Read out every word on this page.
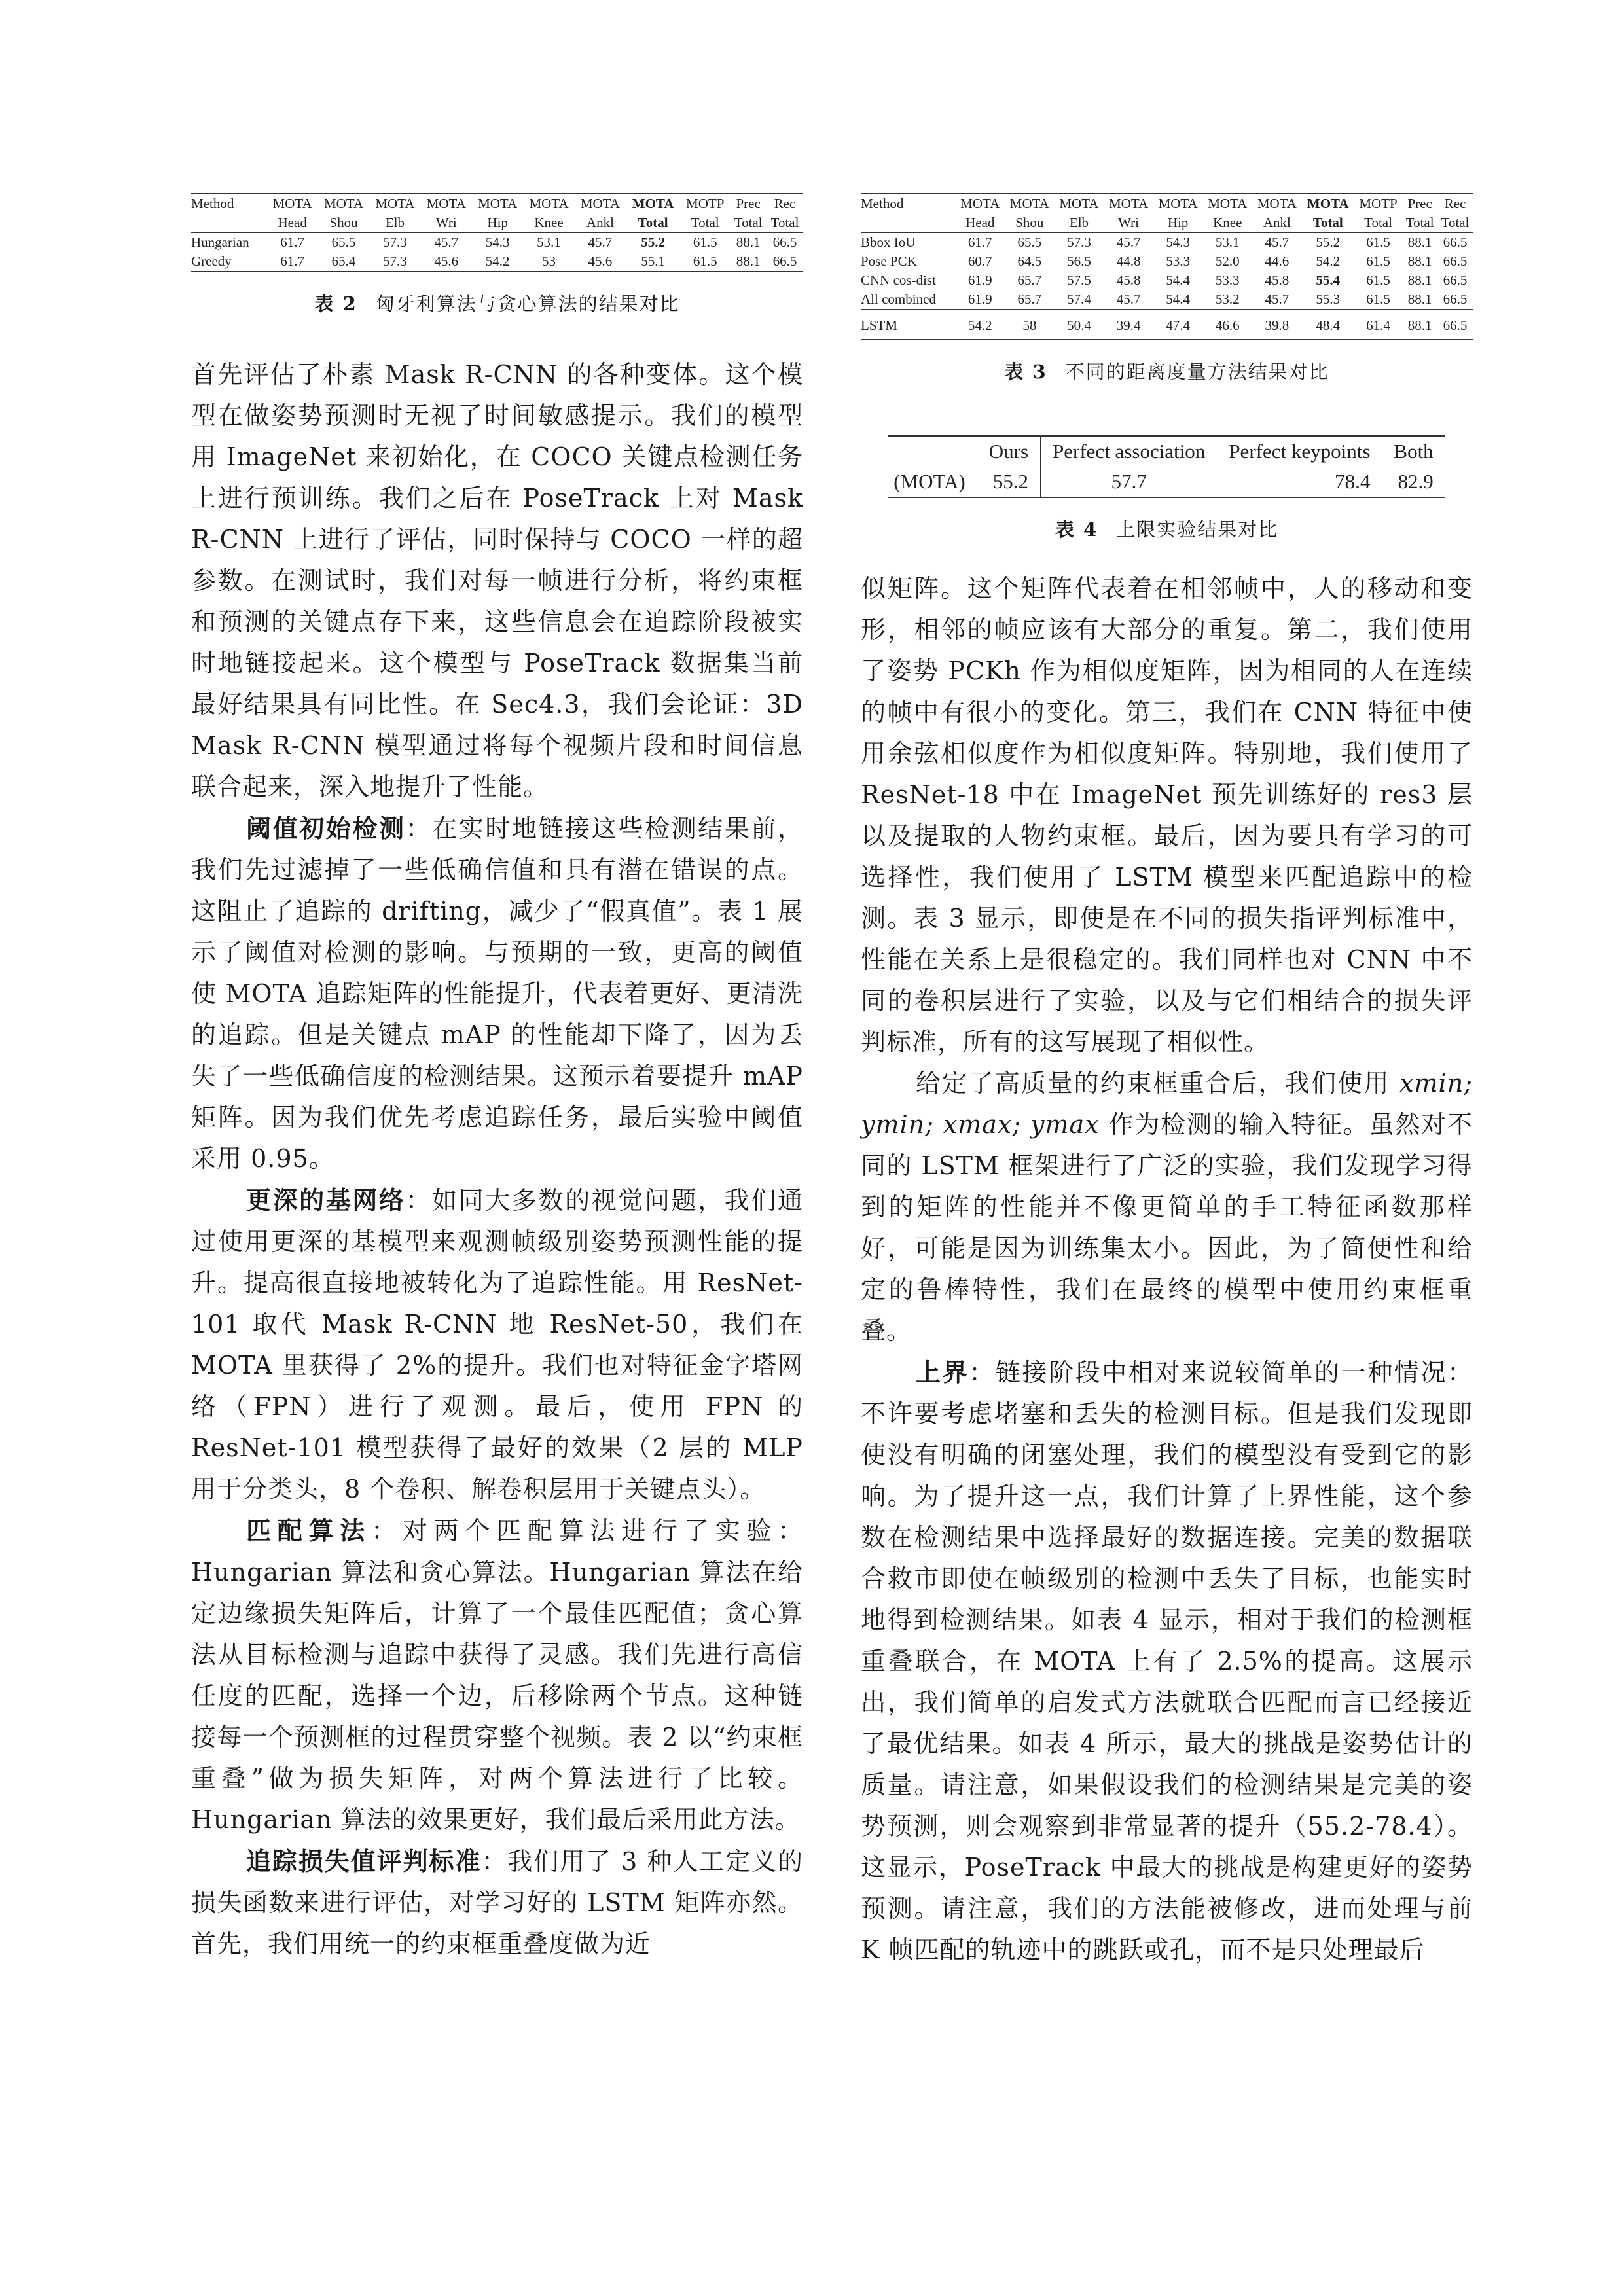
Method	MOTA	MOTA	MOTA	MOTA	MOTA	MOTA	MOTA	MOTA	MOTP	Prec	Rec
	Head	Shou	Elb	Wri	Hip	Knee	Ankl	Total	Total	Total	Total
Hungarian	61.7	65.5	57.3	45.7	54.3	53.1	45.7	55.2	61.5	88.1	66.5
Greedy	61.7	65.4	57.3	45.6	54.2	53	45.6	55.1	61.5	88.1	66.5
表 2 匈牙利算法与贪心算法的结果对比

首先评估了朴素 Mask R-CNN 的各种变体。这个模型在做姿势预测时无视了时间敏感提示。我们的模型用 ImageNet 来初始化，在 COCO 关键点检测任务上进行预训练。我们之后在 PoseTrack 上对 Mask R-CNN 上进行了评估，同时保持与 COCO 一样的超参数。在测试时，我们对每一帧进行分析，将约束框和预测的关键点存下来，这些信息会在追踪阶段被实时地链接起来。这个模型与 PoseTrack 数据集当前最好结果具有同比性。在 Sec4.3，我们会论证：3D Mask R-CNN 模型通过将每个视频片段和时间信息联合起来，深入地提升了性能。

阈值初始检测：在实时地链接这些检测结果前，我们先过滤掉了一些低确信值和具有潜在错误的点。这阻止了追踪的 drifting，减少了“假真值”。表 1 展示了阈值对检测的影响。与预期的一致，更高的阈值使 MOTA 追踪矩阵的性能提升，代表着更好、更清洗的追踪。但是关键点 mAP 的性能却下降了，因为丢失了一些低确信度的检测结果。这预示着要提升 mAP 矩阵。因为我们优先考虑追踪任务，最后实验中阈值采用 0.95。

更深的基网络：如同大多数的视觉问题，我们通过使用更深的基模型来观测帧级别姿势预测性能的提升。提高很直接地被转化为了追踪性能。用 ResNet-101 取代 Mask R-CNN 地 ResNet-50，我们在 MOTA 里获得了 2%的提升。我们也对特征金字塔网络（FPN）进行了观测。最后，使用 FPN 的 ResNet-101 模型获得了最好的效果（2 层的 MLP 用于分类头，8 个卷积、解卷积层用于关键点头）。

匹配算法：对两个匹配算法进行了实验：Hungarian 算法和贪心算法。Hungarian 算法在给定边缘损失矩阵后，计算了一个最佳匹配值；贪心算法从目标检测与追踪中获得了灵感。我们先进行高信任度的匹配，选择一个边，后移除两个节点。这种链接每一个预测框的过程贯穿整个视频。表 2 以“约束框重叠”做为损失矩阵，对两个算法进行了比较。Hungarian 算法的效果更好，我们最后采用此方法。

追踪损失值评判标准：我们用了 3 种人工定义的损失函数来进行评估，对学习好的 LSTM 矩阵亦然。首先，我们用统一的约束框重叠度做为近

Method	MOTA	MOTA	MOTA	MOTA	MOTA	MOTA	MOTA	MOTA	MOTP	Prec	Rec
	Head	Shou	Elb	Wri	Hip	Knee	Ankl	Total	Total	Total	Total
Bbox IoU	61.7	65.5	57.3	45.7	54.3	53.1	45.7	55.2	61.5	88.1	66.5
Pose PCK	60.7	64.5	56.5	44.8	53.3	52.0	44.6	54.2	61.5	88.1	66.5
CNN cos-dist	61.9	65.7	57.5	45.8	54.4	53.3	45.8	55.4	61.5	88.1	66.5
All combined	61.9	65.7	57.4	45.7	54.4	53.2	45.7	55.3	61.5	88.1	66.5
LSTM	54.2	58	50.4	39.4	47.4	46.6	39.8	48.4	61.4	88.1	66.5
表 3 不同的距离度量方法结果对比
	Ours	Perfect association	Perfect keypoints	Both
(MOTA)	55.2	57.7	78.4	82.9
表 4 上限实验结果对比

似矩阵。这个矩阵代表着在相邻帧中，人的移动和变形，相邻的帧应该有大部分的重复。第二，我们使用了姿势 PCKh 作为相似度矩阵，因为相同的人在连续的帧中有很小的变化。第三，我们在 CNN 特征中使用余弦相似度作为相似度矩阵。特别地，我们使用了 ResNet-18 中在 ImageNet 预先训练好的 res3 层以及提取的人物约束框。最后，因为要具有学习的可选择性，我们使用了 LSTM 模型来匹配追踪中的检测。表 3 显示，即使是在不同的损失指评判标准中，性能在关系上是很稳定的。我们同样也对 CNN 中不同的卷积层进行了实验，以及与它们相结合的损失评判标准，所有的这写展现了相似性。

给定了高质量的约束框重合后，我们使用 xmin; ymin; xmax; ymax 作为检测的输入特征。虽然对不同的 LSTM 框架进行了广泛的实验，我们发现学习得到的矩阵的性能并不像更简单的手工特征函数那样好，可能是因为训练集太小。因此，为了简便性和给定的鲁棒特性，我们在最终的模型中使用约束框重叠。

上界：链接阶段中相对来说较简单的一种情况：不许要考虑堵塞和丢失的检测目标。但是我们发现即使没有明确的闭塞处理，我们的模型没有受到它的影响。为了提升这一点，我们计算了上界性能，这个参数在检测结果中选择最好的数据连接。完美的数据联合救市即使在帧级别的检测中丢失了目标，也能实时地得到检测结果。如表 4 显示，相对于我们的检测框重叠联合，在 MOTA 上有了 2.5%的提高。这展示出，我们简单的启发式方法就联合匹配而言已经接近了最优结果。如表 4 所示，最大的挑战是姿势估计的质量。请注意，如果假设我们的检测结果是完美的姿势预测，则会观察到非常显著的提升（55.2-78.4）。这显示，PoseTrack 中最大的挑战是构建更好的姿势预测。请注意，我们的方法能被修改，进而处理与前 K 帧匹配的轨迹中的跳跃或孔，而不是只处理最后
